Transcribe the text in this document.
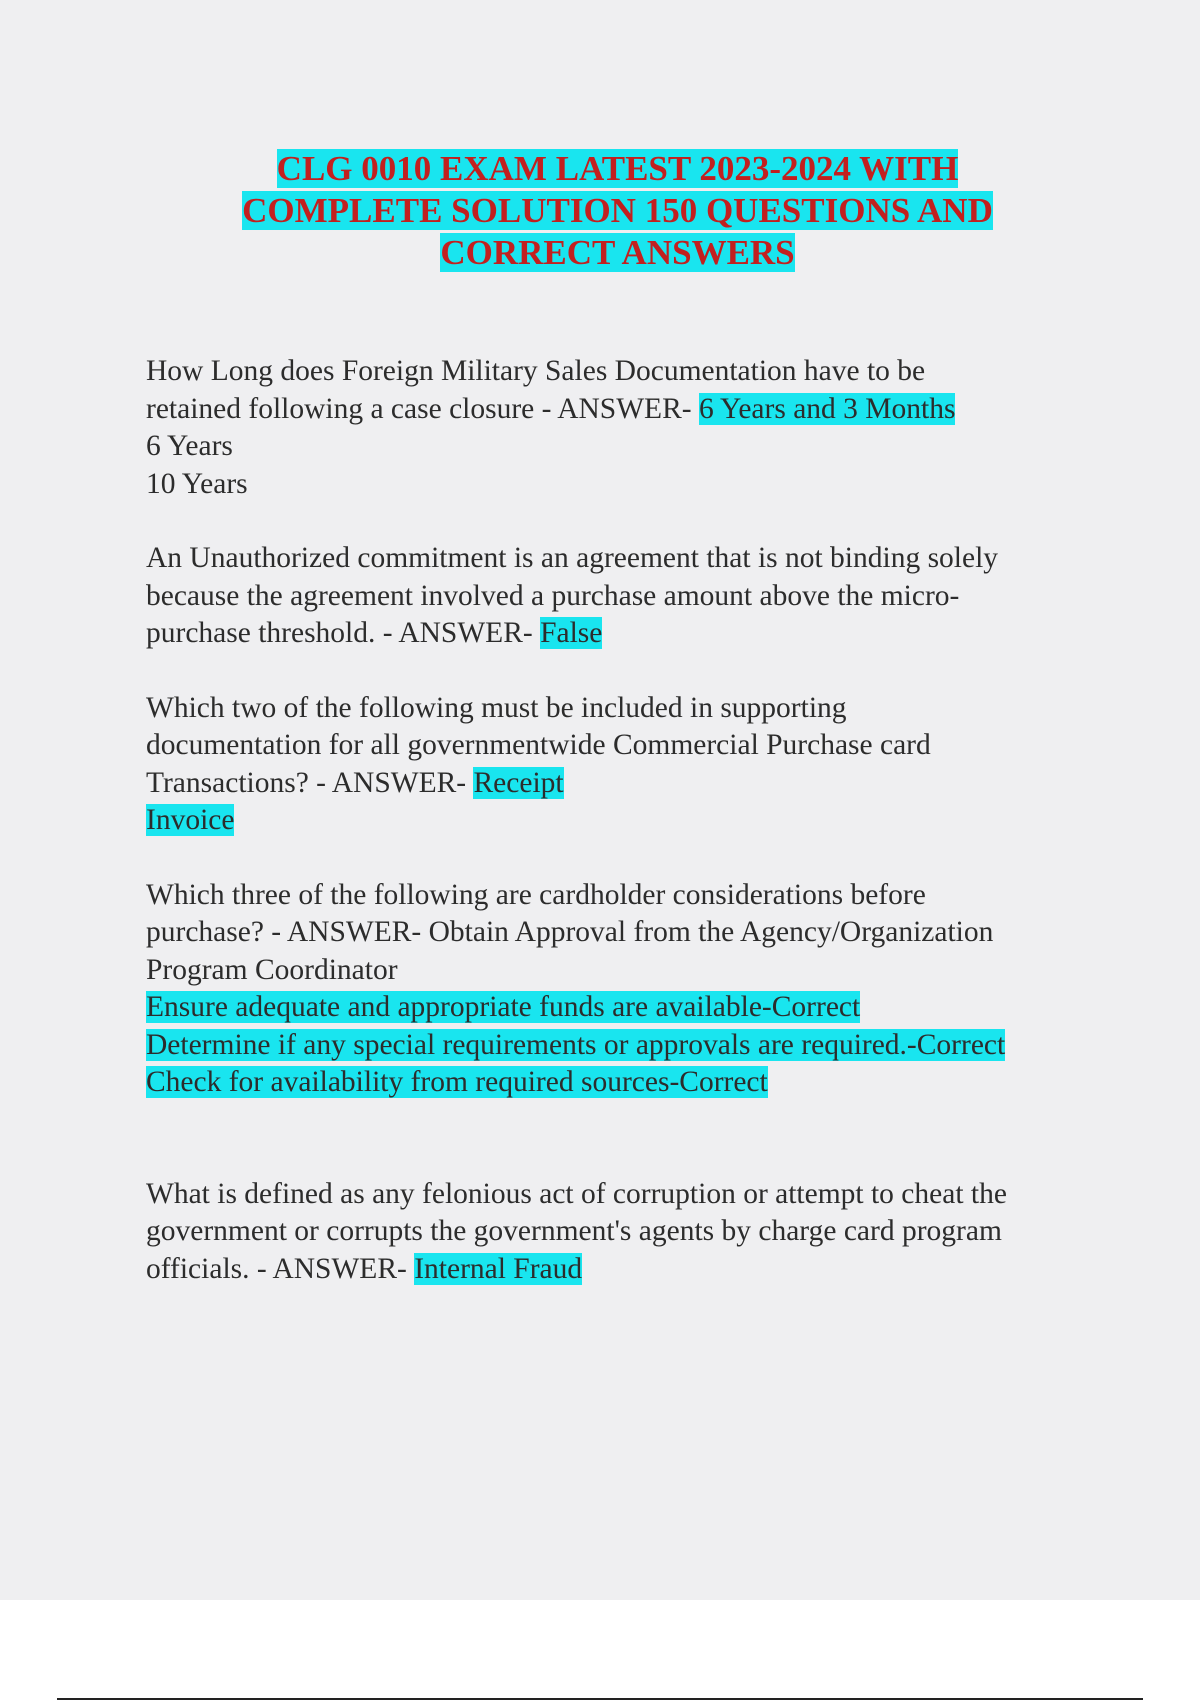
CLG 0010 EXAM LATEST 2023-2024 WITH
COMPLETE SOLUTION 150 QUESTIONS AND
CORRECT ANSWERS
How Long does Foreign Military Sales Documentation have to be
retained following a case closure - ANSWER- 6 Years and 3 Months
6 Years
10 Years
An Unauthorized commitment is an agreement that is not binding solely
because the agreement involved a purchase amount above the micro-
purchase threshold. - ANSWER- False
Which two of the following must be included in supporting
documentation for all governmentwide Commercial Purchase card
Transactions? - ANSWER- Receipt
Invoice
Which three of the following are cardholder considerations before
purchase? - ANSWER- Obtain Approval from the Agency/Organization
Program Coordinator
Ensure adequate and appropriate funds are available-Correct
Determine if any special requirements or approvals are required.-Correct
Check for availability from required sources-Correct
What is defined as any felonious act of corruption or attempt to cheat the
government or corrupts the government's agents by charge card program
officials. - ANSWER- Internal Fraud
